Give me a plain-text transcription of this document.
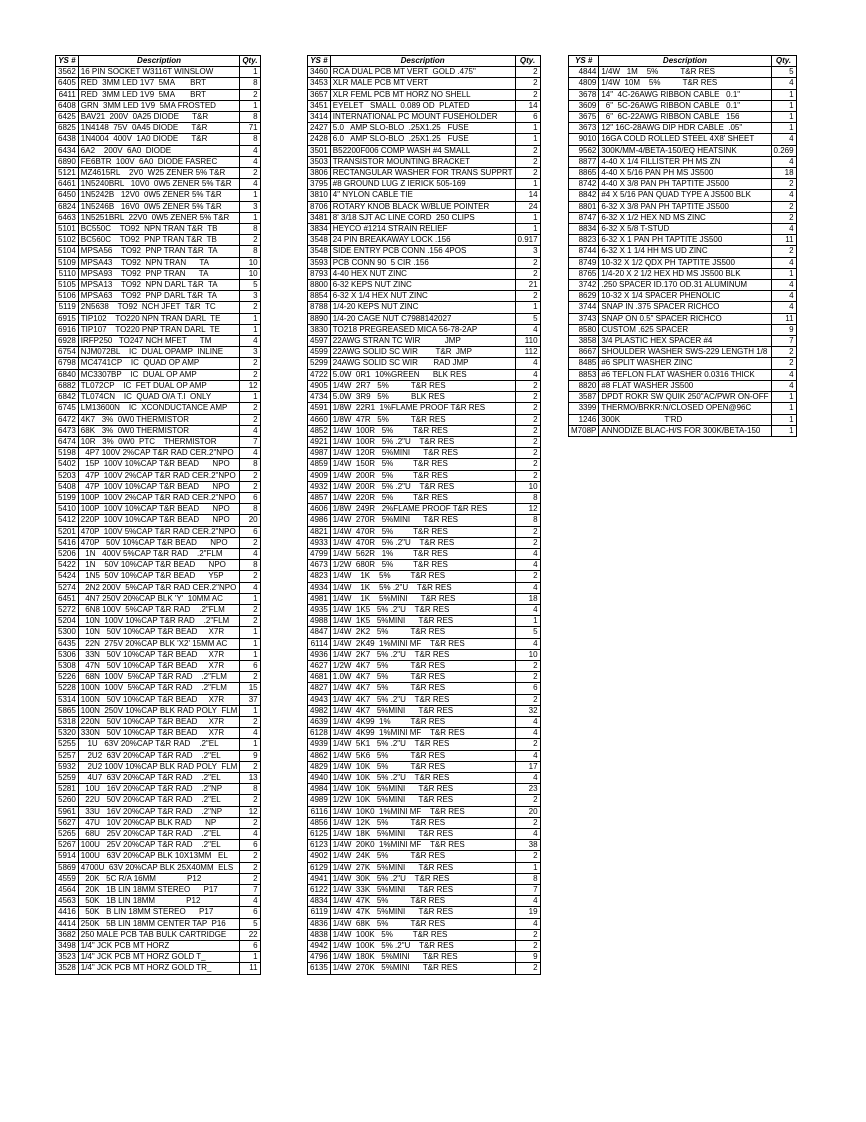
YS #	Description	Qty.
3562	16 PIN SOCKET W3116T WINSLOW	1
6405	RED  3MM LED 1V7  5MA       BRT	8
6411	RED  3MM LED 1V9  5MA       BRT	2
6408	GRN  3MM LED 1V9  5MA FROSTED	1
6425	BAV21  200V  0A25 DIODE      T&R	8
6825	1N4148  75V  0A45 DIODE      T&R	71
6438	1N4004  400V  1A0 DIODE      T&R	8
6434	6A2    200V  6A0  DIODE	4
6890	FE6BTR  100V  6A0  DIODE FASREC	4
5121	MZ4615RL    2V0  W25 ZENER 5% T&R	2
6461	1N5240BRL   10V0  0W5 ZENER 5% T&R	4
6450	1N5242B   12V0  0W5 ZENER 5% T&R	1
6824	1N5246B   16V0  0W5 ZENER 5% T&R	3
6463	1N5251BRL  22V0  0W5 ZENER 5% T&R	1
5101	BC550C    TO92  NPN TRAN T&R  TB	8
5102	BC560C    TO92  PNP TRAN T&R  TB	2
5104	MPSA56    TO92  PNP TRAN T&R  TA	8
5109	MPSA43    TO92  NPN TRAN      TA	10
5110	MPSA93    TO92  PNP TRAN      TA	10
5105	MPSA13    TO92  NPN DARL T&R  TA	5
5106	MPSA63    TO92  PNP DARL T&R  TA	3
5119	2N5638    TO92  NCH JFET  T&R  TC	2
6915	TIP102    TO220 NPN TRAN DARL  TE	1
6916	TIP107    TO220 PNP TRAN DARL  TE	1
6928	IRFP250   TO247 NCH MFET      TM	4
6754	NJM072BL    IC  DUAL OPAMP  INLINE	3
6798	MC4741CP    IC  QUAD OP AMP	2
6840	MC3307BP    IC  DUAL OP AMP	2
6882	TL072CP    IC  FET DUAL OP AMP	12
6842	TL074CN    IC  QUAD O/A T.I  ONLY	1
6745	LM13600N    IC  XCONDUCTANCE AMP	2
6472	4K7   3%  0W0 THERMISTOR	2
6473	68K   3%  0W0 THERMISTOR	4
6474	10R   3%  0W0  PTC    THERMISTOR	7
5198	4P7 100V 2%CAP T&R RAD CER.2"NPO	4
5402	15P  100V 10%CAP T&R BEAD      NPO	8
5203	47P  100V 2%CAP T&R RAD CER.2"NPO	2
5408	47P  100V 10%CAP T&R BEAD      NPO	2
5199	100P  100V 2%CAP T&R RAD CER.2"NPO	6
5410	100P  100V 10%CAP T&R BEAD      NPO	8
5412	220P  100V 10%CAP T&R BEAD      NPO	20
5201	470P  100V 5%CAP T&R RAD CER.2"NPO	6
5416	470P   50V 10%CAP T&R BEAD      NPO	2
5206	1N   400V 5%CAP T&R RAD    .2"FLM	4
5422	1N    50V 10%CAP T&R BEAD      NPO	8
5424	1N5  50V 10%CAP T&R BEAD      Y5P	2
5274	2N2 200V  5%CAP T&R RAD CER.2"NPO	4
6451	4N7 250V 20%CAP BLK 'Y'  10MM AC	1
5272	6N8 100V  5%CAP T&R RAD    .2"FLM	2
5204	10N  100V 10%CAP T&R RAD    .2"FLM	2
5300	10N   50V 10%CAP T&R BEAD     X7R	1
6435	22N  275V 20%CAP BLK 'X2' 15MM AC	1
5306	33N   50V 10%CAP T&R BEAD     X7R	1
5308	47N   50V 10%CAP T&R BEAD     X7R	6
5226	68N  100V  5%CAP T&R RAD    .2"FLM	2
5228	100N  100V  5%CAP T&R RAD    .2"FLM	15
5314	100N   50V 10%CAP T&R BEAD     X7R	37
5865	100N  250V 10%CAP BLK RAD POLY  FLM	1
5318	220N   50V 10%CAP T&R BEAD     X7R	2
5320	330N   50V 10%CAP T&R BEAD     X7R	4
5255	1U   63V 20%CAP T&R RAD    .2"EL	1
5257	2U2  63V 20%CAP T&R RAD    .2"EL	9
5932	2U2 100V 10%CAP BLK RAD POLY  FLM	2
5259	4U7  63V 20%CAP T&R RAD    .2"EL	13
5281	10U   16V 20%CAP T&R RAD    .2"NP	8
5260	22U   50V 20%CAP T&R RAD    .2"EL	2
5961	33U   16V 20%CAP T&R RAD    .2"NP	12
5627	47U   10V 20%CAP BLK RAD      NP	2
5265	68U   25V 20%CAP T&R RAD    .2"EL	4
5267	100U   25V 20%CAP T&R RAD    .2"EL	6
5914	100U   63V 20%CAP BLK 10X13MM   EL	2
5869	4700U  63V 20%CAP BLK 25X40MM  ELS	2
4559	20K   5C R/A 16MM              P12	2
4564	20K   1B LIN 18MM STEREO      P17	7
4563	50K   1B LIN 18MM              P12	4
4416	50K   B LIN 18MM STEREO      P17	6
4414	250K   5B LIN 18MM CENTER TAP  P16	5
3682	250 MALE PCB TAB BULK CARTRIDGE	22
3498	1/4" JCK PCB MT HORZ	6
3523	1/4" JCK PCB MT HORZ GOLD T_	1
3528	1/4" JCK PCB MT HORZ GOLD TR_	11
YS #	Description	Qty.
3460	RCA DUAL PCB MT VERT  GOLD .475"	2
3453	XLR MALE PCB MT VERT	2
3657	XLR FEML PCB MT HORZ NO SHELL	2
3451	EYELET   SMALL  0.089 OD  PLATED	14
3414	INTERNATIONAL PC MOUNT FUSEHOLDER	6
2427	5.0   AMP SLO-BLO  .25X1.25   FUSE	1
2428	6.0   AMP SLO-BLO  .25X1.25   FUSE	1
3501	B52200F006 COMP WASH #4 SMALL	2
3503	TRANSISTOR MOUNTING BRACKET	2
3806	RECTANGULAR WASHER FOR TRANS SUPPRT	2
3795	#8 GROUND LUG Z IERICK 505-169	1
3810	4" NYLON CABLE TIE	14
8706	ROTARY KNOB BLACK W/BLUE POINTER	24
3481	8' 3/18 SJT AC LINE CORD  250 CLIPS	1
3834	HEYCO #1214 STRAIN RELIEF	1
3548	24 PIN BREAKAWAY LOCK .156	0.917
3548	SIDE ENTRY PCB CONN .156 4POS	3
3593	PCB CONN 90  5 CIR .156	2
8793	4-40 HEX NUT ZINC	2
8800	6-32 KEPS NUT ZINC	21
8854	6-32 X 1/4 HEX NUT ZINC	2
8788	1/4-20 KEPS NUT ZINC	1
8890	1/4-20 CAGE NUT C7988142027	5
3830	TO218 PREGREASED MICA 56-78-2AP	4
4597	22AWG STRAN TC WIR           JMP	110
4599	22AWG SOLID SC WIR        T&R  JMP	112
5299	24AWG SOLID SC WIR       RAD JMP	4
4722	5.0W  0R1  10%GREEN      BLK RES	4
4905	1/4W  2R7   5%          T&R RES	2
4734	5.0W  3R9   5%          BLK RES	2
4591	1/8W  22R1  1%FLAME PROOF T&R RES	2
4660	1/8W  47R   5%          T&R RES	2
4852	1/4W  100R   5%         T&R RES	2
4921	1/4W  100R   5% .2"U    T&R RES	2
4987	1/4W  120R   5%MINI      T&R RES	2
4859	1/4W  150R   5%         T&R RES	2
4909	1/4W  200R   5%         T&R RES	2
4932	1/4W  200R   5% .2"U    T&R RES	10
4857	1/4W  220R   5%         T&R RES	8
4606	1/8W  249R   2%FLAME PROOF T&R RES	12
4986	1/4W  270R   5%MINI      T&R RES	8
4821	1/4W  470R   5%         T&R RES	2
4933	1/4W  470R   5% .2"U    T&R RES	2
4799	1/4W  562R   1%         T&R RES	4
4673	1/2W  680R   5%         T&R RES	4
4823	1/4W    1K    5%         T&R RES	2
4934	1/4W    1K    5% .2"U    T&R RES	4
4981	1/4W    1K    5%MINI      T&R RES	18
4935	1/4W  1K5   5% .2"U    T&R RES	4
4988	1/4W  1K5   5%MINI      T&R RES	1
4847	1/4W  2K2   5%          T&R RES	5
6114	1/4W  2K49  1%MINI MF    T&R RES	4
4936	1/4W  2K7   5% .2"U    T&R RES	10
4627	1/2W  4K7   5%          T&R RES	2
4681	1.0W  4K7   5%          T&R RES	2
4827	1/4W  4K7   5%          T&R RES	6
4943	1/4W  4K7   5% .2"U    T&R RES	2
4982	1/4W  4K7   5%MINI      T&R RES	32
4639	1/4W  4K99  1%         T&R RES	4
6128	1/4W  4K99  1%MINI MF    T&R RES	4
4939	1/4W  5K1   5% .2"U    T&R RES	2
4862	1/4W  5K6   5%          T&R RES	4
4829	1/4W  10K   5%          T&R RES	17
4940	1/4W  10K   5% .2"U    T&R RES	4
4984	1/4W  10K   5%MINI      T&R RES	23
4989	1/2W  10K   5%MINI      T&R RES	2
6116	1/4W  10K0  1%MINI MF    T&R RES	20
4856	1/4W  12K   5%          T&R RES	2
6125	1/4W  18K   5%MINI      T&R RES	4
6123	1/4W  20K0  1%MINI MF    T&R RES	38
4902	1/4W  24K   5%          T&R RES	2
6129	1/4W  27K   5%MINI      T&R RES	1
4941	1/4W  30K   5% .2"U    T&R RES	8
6122	1/4W  33K   5%MINI      T&R RES	7
4834	1/4W  47K   5%          T&R RES	4
6119	1/4W  47K   5%MINI      T&R RES	19
4836	1/4W  68K   5%          T&R RES	4
4838	1/4W  100K   5%         T&R RES	2
4942	1/4W  100K   5% .2"U    T&R RES	2
4796	1/4W  180K   5%MINI      T&R RES	9
6135	1/4W  270K   5%MINI      T&R RES	2
YS #	Description	Qty.
4844	1/4W   1M    5%          T&R RES	5
4809	1/4W  10M    5%          T&R RES	4
3678	14"  4C-26AWG RIBBON CABLE   0.1"	1
3609	6"  5C-26AWG RIBBON CABLE   0.1"	1
3675	6"  6C-22AWG RIBBON CABLE   156	1
3673	12" 16C-28AWG DIP HDR CABLE  .05"	1
9010	16GA COLD ROLLED STEEL 4X8' SHEET	4
9562	300K/MM-4/BETA-150/EQ HEATSINK	0.269
8877	4-40 X 1/4 FILLISTER PH MS ZN	4
8865	4-40 X 5/16 PAN PH MS JS500	18
8742	4-40 X 3/8 PAN PH TAPTITE JS500	2
8842	#4 X 5/16 PAN QUAD TYPE A JS500 BLK	4
8801	6-32 X 3/8 PAN PH TAPTITE JS500	2
8747	6-32 X 1/2 HEX ND MS ZINC	2
8834	6-32 X 5/8 T-STUD	4
8823	6-32 X 1 PAN PH TAPTITE JS500	11
8744	6-32 X 1 1/4 HH MS UD ZINC	2
8749	10-32 X 1/2 QDX PH TAPTITE JS500	4
8765	1/4-20 X 2 1/2 HEX HD MS JS500 BLK	1
3742	.250 SPACER ID.170 OD.31 ALUMINUM	4
8629	10-32 X 1/4 SPACER PHENOLIC	4
3744	SNAP IN .375 SPACER RICHCO	4
3743	SNAP ON 0.5" SPACER RICHCO	11
8580	CUSTOM .625 SPACER	9
3858	3/4 PLASTIC HEX SPACER #4	7
8667	SHOULDER WASHER SWS-229 LENGTH 1/8	2
8485	#6 SPLIT WASHER ZINC	2
8853	#6 TEFLON FLAT WASHER 0.0316 THICK	4
8820	#8 FLAT WASHER JS500	4
3587	DPDT ROKR SW QUIK 250"AC/PWR ON-OFF	1
3399	THERMO/BRKR:N/CLOSED OPEN@96C	1
1246	300K                    T'RD	1
M708P	ANNODIZE BLAC-H/S FOR 300K/BETA-150	1
